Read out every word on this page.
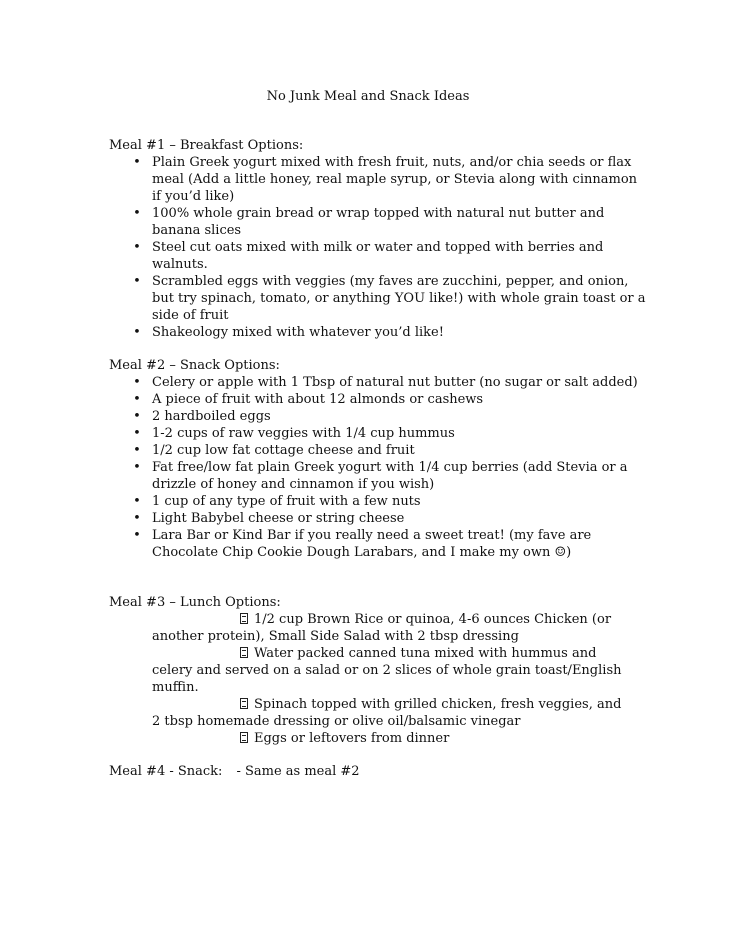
No Junk Meal and Snack Ideas
Meal #1 – Breakfast Options:
• Plain Greek yogurt mixed with fresh fruit, nuts, and/or chia seeds or flax meal (Add a little honey, real maple syrup, or Stevia along with cinnamon if you’d like)
• 100% whole grain bread or wrap topped with natural nut butter and banana slices
• Steel cut oats mixed with milk or water and topped with berries and walnuts.
• Scrambled eggs with veggies (my faves are zucchini, pepper, and onion, but try spinach, tomato, or anything YOU like!) with whole grain toast or a side of fruit
• Shakeology mixed with whatever you’d like!
Meal #2 – Snack Options:
• Celery or apple with 1 Tbsp of natural nut butter (no sugar or salt added)
• A piece of fruit with about 12 almonds or cashews
• 2 hardboiled eggs
• 1-2 cups of raw veggies with 1/4 cup hummus
• 1/2 cup low fat cottage cheese and fruit
• Fat free/low fat plain Greek yogurt with 1/4 cup berries (add Stevia or a drizzle of honey and cinnamon if you wish)
• 1 cup of any type of fruit with a few nuts
• Light Babybel cheese or string cheese
• Lara Bar or Kind Bar if you really need a sweet treat! (my fave are Chocolate Chip Cookie Dough Larabars, and I make my own ☺)
Meal #3 – Lunch Options:
1/2 cup Brown Rice or quinoa, 4-6 ounces Chicken (or another protein), Small Side Salad with 2 tbsp dressing
Water packed canned tuna mixed with hummus and celery and served on a salad or on 2 slices of whole grain toast/English muffin.
Spinach topped with grilled chicken, fresh veggies, and 2 tbsp homemade dressing or olive oil/balsamic vinegar
Eggs or leftovers from dinner
Meal #4 - Snack: - Same as meal #2
